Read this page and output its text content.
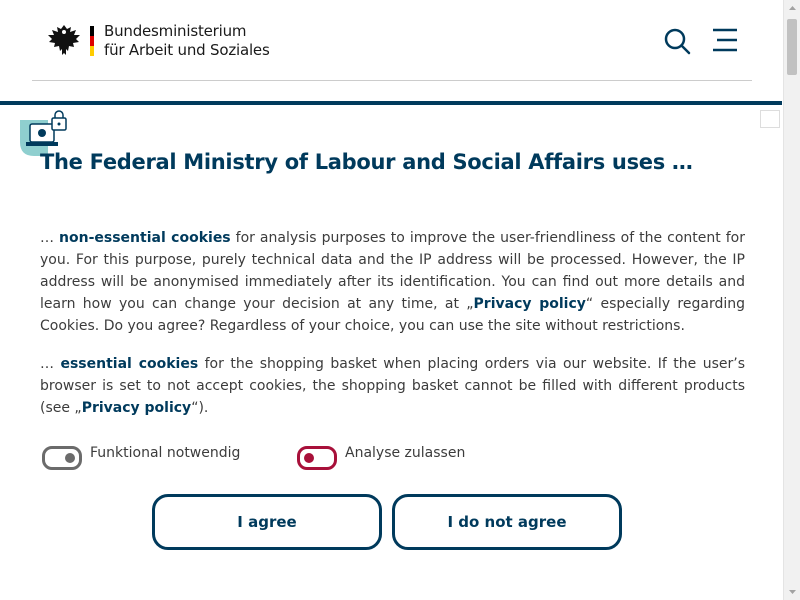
Bundesministerium
für Arbeit und Soziales
The Federal Ministry of Labour and Social Affairs uses …

… non-essential cookies for analysis purposes to improve the user-friendliness of the content for you. For this purpose, purely technical data and the IP address will be processed. However, the IP address will be anonymised immediately after its identification. You can find out more details and learn how you can change your decision at any time, at „Privacy policy“ especially regarding Cookies. Do you agree? Regardless of your choice, you can use the site without restrictions.

… essential cookies for the shopping basket when placing orders via our website. If the user’s browser is set to not accept cookies, the shopping basket cannot be filled with different products (see „Privacy policy“).

Funktional notwendig	Analyse zulassen
I agree	I do not agree
